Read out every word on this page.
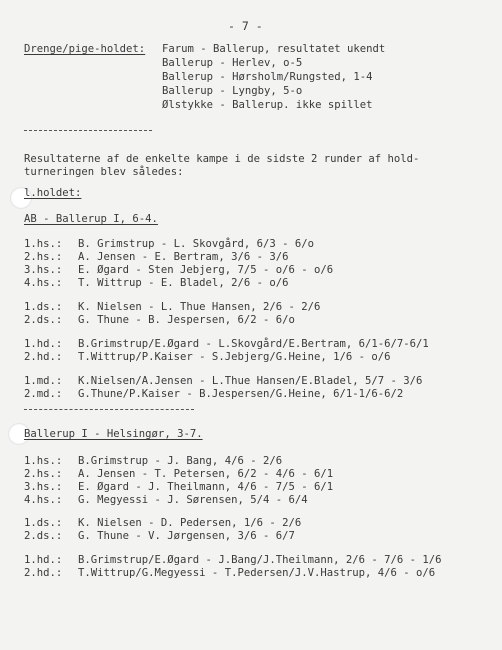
- 7 -
Drenge/pige-holdet: Farum - Ballerup, resultatet ukendt
Ballerup - Herlev, o-5
Ballerup - Hørsholm/Rungsted, 1-4
Ballerup - Lyngby, 5-o
Ølstykke - Ballerup. ikke spillet
Resultaterne af de enkelte kampe i de sidste 2 runder af hold-
turneringen blev således:
l.holdet:
AB - Ballerup I, 6-4.
1.hs.: B. Grimstrup - L. Skovgård, 6/3 - 6/o
2.hs.: A. Jensen - E. Bertram, 3/6 - 3/6
3.hs.: E. Øgard - Sten Jebjerg, 7/5 - o/6 - o/6
4.hs.: T. Wittrup - E. Bladel, 2/6 - o/6
1.ds.: K. Nielsen - L. Thue Hansen, 2/6 - 2/6
2.ds.: G. Thune - B. Jespersen, 6/2 - 6/o
1.hd.: B.Grimstrup/E.Øgard - L.Skovgård/E.Bertram, 6/1-6/7-6/1
2.hd.: T.Wittrup/P.Kaiser - S.Jebjerg/G.Heine, 1/6 - o/6
1.md.: K.Nielsen/A.Jensen - L.Thue Hansen/E.Bladel, 5/7 - 3/6
2.md.: G.Thune/P.Kaiser - B.Jespersen/G.Heine, 6/1-1/6-6/2
Ballerup I - Helsingør, 3-7.
1.hs.: B.Grimstrup - J. Bang, 4/6 - 2/6
2.hs.: A. Jensen - T. Petersen, 6/2 - 4/6 - 6/1
3.hs.: E. Øgard - J. Theilmann, 4/6 - 7/5 - 6/1
4.hs.: G. Megyessi - J. Sørensen, 5/4 - 6/4
1.ds.: K. Nielsen - D. Pedersen, 1/6 - 2/6
2.ds.: G. Thune - V. Jørgensen, 3/6 - 6/7
1.hd.: B.Grimstrup/E.Øgard - J.Bang/J.Theilmann, 2/6 - 7/6 - 1/6
2.hd.: T.Wittrup/G.Megyessi - T.Pedersen/J.V.Hastrup, 4/6 - o/6
